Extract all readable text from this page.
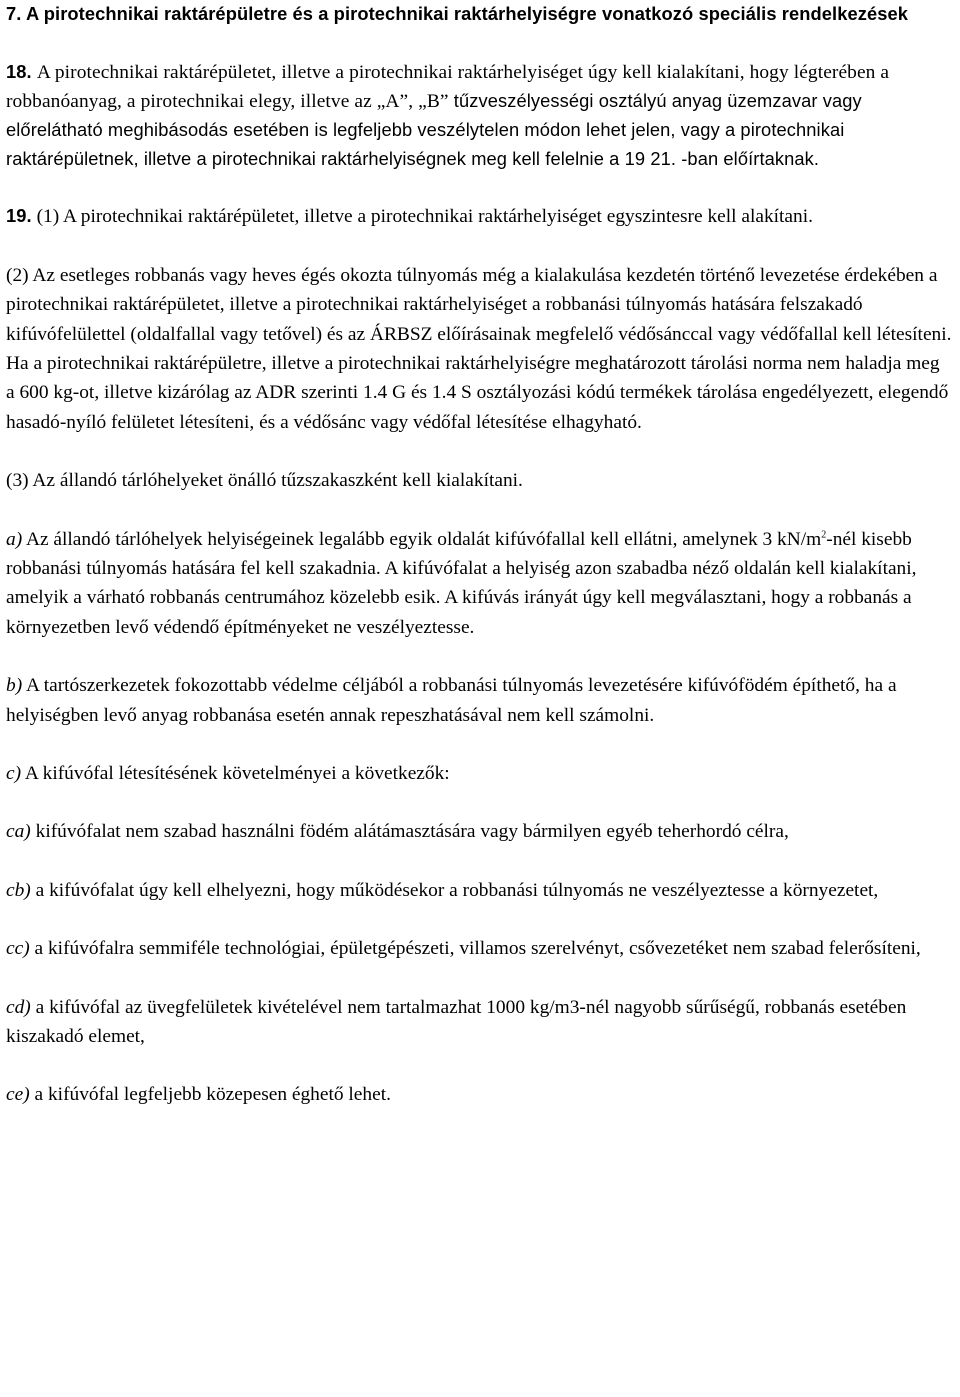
7. A pirotechnikai raktárépületre és a pirotechnikai raktárhelyiségre vonatkozó speciális rendelkezések

18. A pirotechnikai raktárépületet, illetve a pirotechnikai raktárhelyiséget úgy kell kialakítani, hogy légterében a robbanóanyag, a pirotechnikai elegy, illetve az „A”, „B” tűzveszélyességi osztályú anyag üzemzavar vagy előrelátható meghibásodás esetében is legfeljebb veszélytelen módon lehet jelen, vagy a pirotechnikai raktárépületnek, illetve a pirotechnikai raktárhelyiségnek meg kell felelnie a 19 21. -ban előírtaknak.

19. (1) A pirotechnikai raktárépületet, illetve a pirotechnikai raktárhelyiséget egyszintesre kell alakítani.

(2) Az esetleges robbanás vagy heves égés okozta túlnyomás még a kialakulása kezdetén történő levezetése érdekében a pirotechnikai raktárépületet, illetve a pirotechnikai raktárhelyiséget a robbanási túlnyomás hatására felszakadó kifúvófelülettel (oldalfallal vagy tetővel) és az ÁRBSZ előírásainak megfelelő védősánccal vagy védőfallal kell létesíteni. Ha a pirotechnikai raktárépületre, illetve a pirotechnikai raktárhelyiségre meghatározott tárolási norma nem haladja meg a 600 kg-ot, illetve kizárólag az ADR szerinti 1.4 G és 1.4 S osztályozási kódú termékek tárolása engedélyezett, elegendő hasadó-nyíló felületet létesíteni, és a védősánc vagy védőfal létesítése elhagyható.

(3) Az állandó tárlóhelyeket önálló tűzszakaszként kell kialakítani.

a) Az állandó tárlóhelyek helyiségeinek legalább egyik oldalát kifúvófallal kell ellátni, amelynek 3 $kN/m^2$-nél kisebb robbanási túlnyomás hatására fel kell szakadnia. A kifúvófalat a helyiség azon szabadba néző oldalán kell kialakítani, amelyik a várható robbanás centrumához közelebb esik. A kifúvás irányát úgy kell megválasztani, hogy a robbanás a környezetben levő védendő építményeket ne veszélyeztesse.

b) A tartószerkezetek fokozottabb védelme céljából a robbanási túlnyomás levezetésére kifúvófödém építhető, ha a helyiségben levő anyag robbanása esetén annak repeszhatásával nem kell számolni.

c) A kifúvófal létesítésének követelményei a következők:

ca) kifúvófalat nem szabad használni födém alátámasztására vagy bármilyen egyéb teherhordó célra,

cb) a kifúvófalat úgy kell elhelyezni, hogy működésekor a robbanási túlnyomás ne veszélyeztesse a környezetet,

cc) a kifúvófalra semmiféle technológiai, épületgépészeti, villamos szerelvényt, csővezetéket nem szabad felerősíteni,

cd) a kifúvófal az üvegfelületek kivételével nem tartalmazhat 1000 kg/m3-nél nagyobb sűrűségű, robbanás esetében kiszakadó elemet,

ce) a kifúvófal legfeljebb közepesen éghető lehet.
